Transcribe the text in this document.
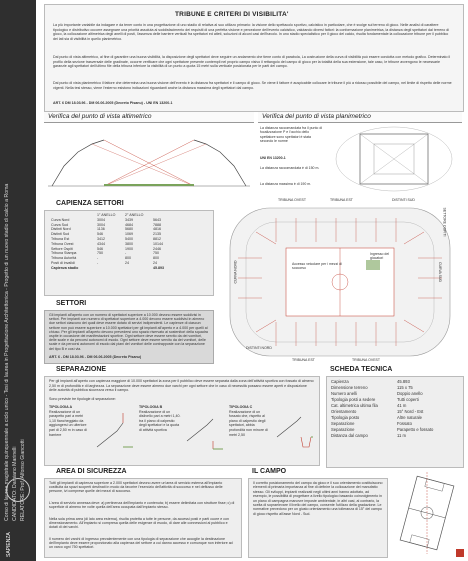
SAPIENZA
Corso di laurea magistrale quinquennale a ciclo unico - Tesi di laurea in Progettazione Architettonica - Progetto di un nuovo stadio di calcio a Roma CANDIDATO: Damiano Marinelli RELATORE: Prof. Alfonso Giancotti
TRIBUNE E CRITERI DI VISIBILITA'
La più importante variabile da indagare e da tener conto in una progettazione di uno stadio di relativa al suo utilizzo primario: la visione dello spettacolo sportivo, calcistico in particolare, che è svolge sul terreno di gioco. Nelle analisi di carattere tipologico e distributivo occorre assegnare una priorità assoluta al soddisfacimento dei requisiti di una perfetta visione e percezione dell'evento calcistico, valutando diversi fattori: la conformazione planimetrica, la distanza degli spettatori dal terreno di gioco, la collocazione altimetrica degli anelli di posti, l'assenza delle barriere verticali fra spettatori ed atleti, soluzioni di alcuni casi dell'havolo. In uno stadio specialistico per il gioco del calcio, risulta fondamentale la collocazione tribune per il pubblico dei lati sia di visibilità in quello planimetrico.
Dal punto di vista altimetrico, al fine di garantire una buona visibilità, la disposizione degli spettatori deve seguire un andamento che tiene conto di parabola, La costruzione della curva di visibilità può essere condotta con metodo grafico. Determinato il profilo della sezione trasversale delle gradinate, occorre verificare che ogni spettatore presente contempli nel proprio campo visivo il rettangolo del campo di gioco per la totalità della sua estensione, tale caso, le tribune avvengono le necessarie garanzie agli spettatori dell'ultimo file della tribuna inferiore la visibilità di un punto a quota 15 metri sulla verticale posizionata per le parti del campo.
Dal punto di vista planimetrico il fattore che determina una buona visione dell'evento è la distanza fra spettatori e il campo di gioco. Se viene il fattore è auspicabile collocare le tribune il più a ridosso possibile del campo, nel limite di rispetto delle norme vigenti. Nella tesi stesso, viene l'esterno esistono indicazioni riguardanti anche la distanza massima degli spettatori dal campo.
ART. 6 DM 18.03.96 - DM 06.06.2005 (Decreto Pisanu) - UNI EN 13200-1
Verifica del punto di vista altimetrico	Verifica del punto di vista planimetrico
La distanza raccomandata fra il punto di focalizzazione P e l'occhio dello spettatore sono spettatori è stata secondo le norme
UNI EN 13200-1
La distanza raccomandata è di 150 m.
La distanza massima è di 190 m.
CAPIENZA SETTORI
	1° ANELLO	2° ANELLO	
Curva Nord	3004	3439	5643
Curva Sud	3004	4684	7888
Distinti Nord	1136	5680	4816
Distinti Sud	546	1069	2135
Tribuna Est	3412	5400	8812
Tribuna Ovest	4344	3800	10144
Settore Ospiti	546	1900	2446
Tribuna Stampa	750	-	750
Tribuna Autorità	-	800	800
Posti di invalidi	-	24	24
Capienza stadio			45.893
TRIBUNA OVEST	TRIBUNA EST	DISTINTI SUD
DISTINTI NORD
TRIBUNA EST	TRIBUNA OVEST
CURVA NORD	CURVA SUD
SETTORE OSPITI
Ingresso del giocatori
Accesso veicolare per i mezzi di soccorso
SETTORI
Gli impianti all'aperto con un numero di spettatori superiore a 10.000 devono essere suddivisi in settori. Per impianti con numero di spettatori superiore a 4.000 devono essere suddivisi in almeno due settori ciascuno dei quali deve essere dotato di servizi indipendenti. Le capienze di ciascun settore non può essere superiore a 10.000 spettatori per gli impianti all'aperto e a 4.000 per quelli al chiuso. Per gli impianti all'aperto devono prevedersi uno spazio riservato ai sostenitori della squadra ospite in occasione dei manifestazioni sportive. Ogni settore deve essere servito da dei vomitori, delle scale e da percorsi autonomi di esodo. Ogni settore deve essere servito da dei vomitori, delle scale e da percorsi autonomi di esodo dai piani del vomitori delle contrapposte con la separazione del tipo B e così via.
ART. 6 - DM 18.03.96 - DM 06.06.2005 (Decreto Pisanu)
SEPARAZIONE
Per gli impianti all'aperto con capienza maggiore di 10.000 spettatori la zona per il pubblico deve essere separata dalla zona dell'attività sportiva con fossato di almeno 2,50 m di profondità e di larghezza. La separazione deve essere almeno due varchi per ogni settore che in caso di necessità possano essere aperti e disposizione delle autorità di pubblica sicurezza verso il campo.
Sono previste tre tipologie di separazione:
TIPOLOGIA A
Realizzazione di un parapetto pari a metri 1,10 fiancheggiato da aggiungersi un ulteriore pari di 2,50 m in caso di barriere
TIPOLOGIA B
Realizzazione di un dislivello pari a metri 1,40. tra il piano di calpestio degli spettatori e la quota di attività sportiva
TIPOLOGIA C
Realizzazione di un fossato che, rispetto al piano di calpestio degli spettatori, abbia profondità non minore di metri 2,50
SCHEDA TECNICA
Capienza	45.893
Dimensione terreno	115 x 75
Numero anelli	Doppio anello
Tipologia posti a sedere	Tutti coperti
Cat. altimetrica ultima fila	41 m
Orientamento	15° Nord - Est
Tipologia posto	Altre naturale
Separazione	Fossato
Separazione	Parapetto e fossato
Distanza dal campo	11 m
AREA DI SICUREZZA
Tutti gli impianti di capienza superiore a 2.000 spettatori devono avere un'area di servizio esterna all'impianto costituita da spazi scoperti destinati in modo da favorire l'esercizio dell'attività di soccorso e nel deflusso delle persone, ivi comprese quelle dei mezzi di soccorso.
L'area di servizio annessa deve: a) pertinenza dell'impianto e contenuta; b) essere delimitata con strutture fisse; c) di superficie di almeno tre volte quella dell'area occupata dall'impianto stesso.
Nella sola prima area (di lato area esterna), risulta protetta a tutte le persone, da accessi posti e parti cuore e con dimensionamento. All'impianto si compresa quella delle esigenze di esodo, di dare alle connessioni al pubblico e dotati di dei varchi.
Il numero dei varchi di ingresso prevalentemente con una tipologia di separazione che accoglie la destinazione dell'impianto deve essere proporzionato alla capienza del settore a cui danno accesso e comunque non inferiore ad un varco ogni 750 spettatori.
IL CAMPO
Il corretto posizionamento del campo da gioco e il suo orientamento costituiscono elementi di primaria importanza al fine di definire la collocazione del manufatto stesso. Gli sviluppi, impianti realizzati negli ultimi anni hanno adottato, ad esempio, le possibilità di progettare a livello tipologico basando coinvolgimento in un piano di campagna manovre imposte ambientale, in altri casi, al contrario, la scelta di sopraelevare il livello del campo, consente l'utilizzo della gradazione. Le normative prevedono per un giusto orientamento una tolleranza di 15° del campo di gioco rispetto all'asse Nord - Sud.
